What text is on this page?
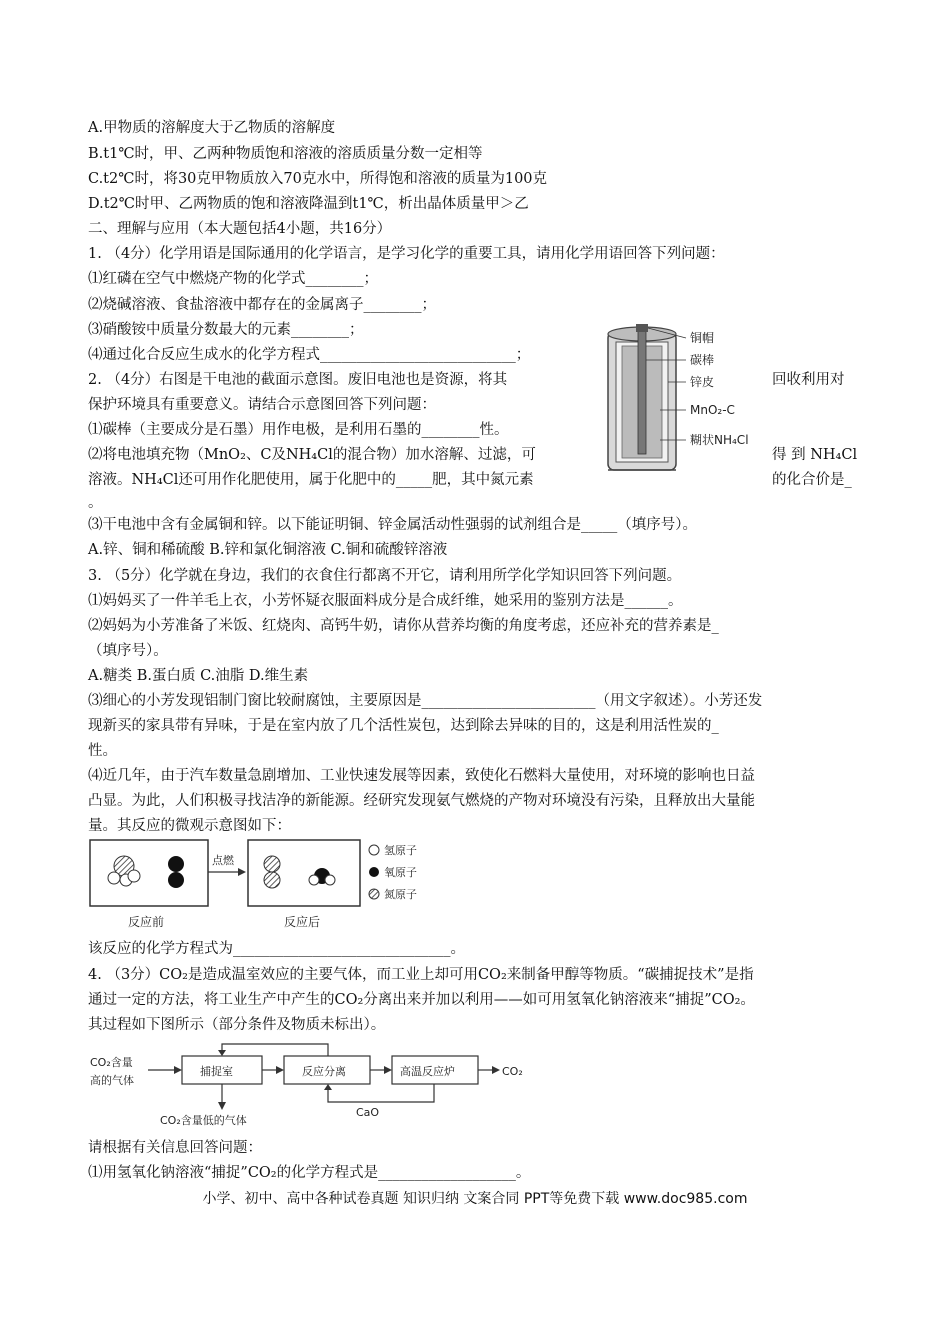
A.甲物质的溶解度大于乙物质的溶解度
B.t1℃时，甲、乙两种物质饱和溶液的溶质质量分数一定相等
C.t2℃时，将30克甲物质放入70克水中，所得饱和溶液的质量为100克
D.t2℃时甲、乙两物质的饱和溶液降温到t1℃，析出晶体质量甲＞乙
二、理解与应用（本大题包括4小题，共16分）
1. （4分）化学用语是国际通用的化学语言，是学习化学的重要工具，请用化学用语回答下列问题：
⑴红磷在空气中燃烧产物的化学式________；
⑵烧碱溶液、食盐溶液中都存在的金属离子________；
⑶硝酸铵中质量分数最大的元素________；
⑷通过化合反应生成水的化学方程式___________________________；
2. （4分）右图是干电池的截面示意图。废旧电池也是资源，将其	回收利用对
保护环境具有重要意义。请结合示意图回答下列问题：
⑴碳棒（主要成分是石墨）用作电极，是利用石墨的________性。
⑵将电池填充物（MnO₂、C及NH₄Cl的混合物）加水溶解、过滤，可	得 到 NH₄Cl
溶液。NH₄Cl还可用作化肥使用，属于化肥中的_____肥，其中氮元素	的化合价是_
。
⑶干电池中含有金属铜和锌。以下能证明铜、锌金属活动性强弱的试剂组合是_____（填序号）。
A.锌、铜和稀硫酸 B.锌和氯化铜溶液 C.铜和硫酸锌溶液
3. （5分）化学就在身边，我们的衣食住行都离不开它，请利用所学化学知识回答下列问题。
⑴妈妈买了一件羊毛上衣，小芳怀疑衣服面料成分是合成纤维，她采用的鉴别方法是______。
⑵妈妈为小芳准备了米饭、红烧肉、高钙牛奶，请你从营养均衡的角度考虑，还应补充的营养素是_
（填序号）。
A.糖类 B.蛋白质 C.油脂 D.维生素
⑶细心的小芳发现铝制门窗比较耐腐蚀，主要原因是________________________（用文字叙述）。小芳还发
现新买的家具带有异味，于是在室内放了几个活性炭包，达到除去异味的目的，这是利用活性炭的_
性。
⑷近几年，由于汽车数量急剧增加、工业快速发展等因素，致使化石燃料大量使用，对环境的影响也日益
凸显。为此，人们积极寻找洁净的新能源。经研究发现氨气燃烧的产物对环境没有污染，且释放出大量能
量。其反应的微观示意图如下：
该反应的化学方程式为______________________________。
4. （3分）CO₂是造成温室效应的主要气体，而工业上却可用CO₂来制备甲醇等物质。“碳捕捉技术”是指
通过一定的方法，将工业生产中产生的CO₂分离出来并加以利用——如可用氢氧化钠溶液来“捕捉”CO₂。
其过程如下图所示（部分条件及物质未标出）。
请根据有关信息回答问题：
⑴用氢氧化钠溶液“捕捉”CO₂的化学方程式是___________________。
铜帽
碳棒
锌皮
MnO₂-C
糊状NH₄Cl
点燃
反应前	反应后
氢原子
氧原子
氮原子
CO₂含量
高的气体
捕捉室	反应分离	高温反应炉	CO₂
CaO
CO₂含量低的气体
小学、初中、高中各种试卷真题 知识归纳 文案合同 PPT等免费下载 www.doc985.com
